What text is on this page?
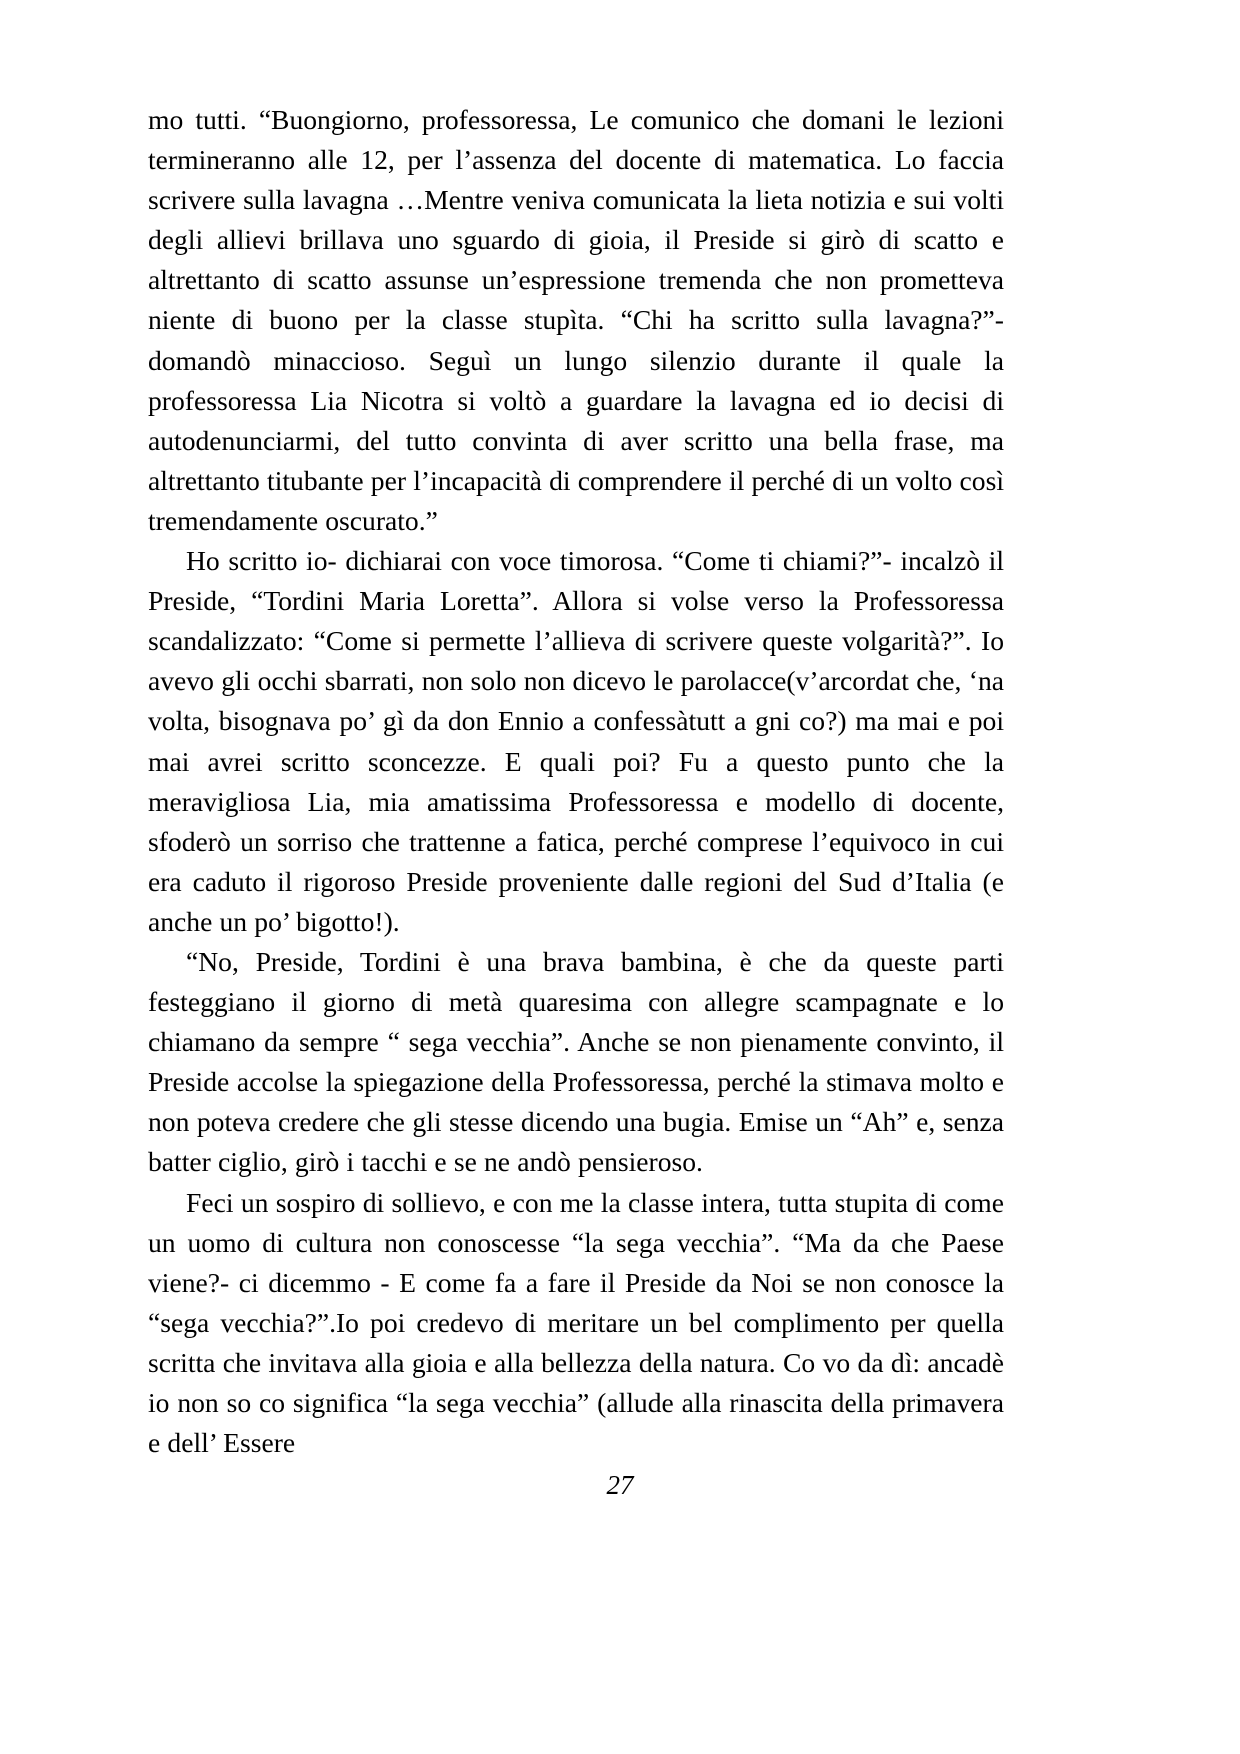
mo tutti. “Buongiorno, professoressa, Le comunico che domani le lezioni termineranno alle 12, per l’assenza del docente di matematica. Lo faccia scrivere sulla lavagna …Mentre veniva comunicata la lieta notizia e sui volti degli allievi brillava uno sguardo di gioia, il Preside si girò di scatto e altrettanto di scatto assunse un’espressione tremenda che non prometteva niente di buono per la classe stupìta. “Chi ha scritto sulla lavagna?”- domandò minaccioso. Seguì un lungo silenzio durante il quale la professoressa Lia Nicotra si voltò a guardare la lavagna ed io decisi di autodenunciarmi, del tutto convinta di aver scritto una bella frase, ma altrettanto titubante per l’incapacità di comprendere il perché di un volto così tremendamente oscurato.”

Ho scritto io- dichiarai con voce timorosa. “Come ti chiami?”- incalzò il Preside, “Tordini Maria Loretta”. Allora si volse verso la Professoressa scandalizzato: “Come si permette l’allieva di scrivere queste volgarità?”. Io avevo gli occhi sbarrati, non solo non dicevo le parolacce(v’arcordat che, ‘na volta, bisognava po’ gì da don Ennio a confessàtutt a gni co?) ma mai e poi mai avrei scritto sconcezze. E quali poi? Fu a questo punto che la meravigliosa Lia, mia amatissima Professoressa e modello di docente, sfoderò un sorriso che trattenne a fatica, perché comprese l’equivoco in cui era caduto il rigoroso Preside proveniente dalle regioni del Sud d’Italia (e anche un po’ bigotto!).

“No, Preside, Tordini è una brava bambina, è che da queste parti festeggiano il giorno di metà quaresima con allegre scampagnate e lo chiamano da sempre “ sega vecchia”. Anche se non pienamente convinto, il Preside accolse la spiegazione della Professoressa, perché la stimava molto e non poteva credere che gli stesse dicendo una bugia. Emise un “Ah” e, senza batter ciglio, girò i tacchi e se ne andò pensieroso.

Feci un sospiro di sollievo, e con me la classe intera, tutta stupita di come un uomo di cultura non conoscesse “la sega vecchia”. “Ma da che Paese viene?- ci dicemmo - E come fa a fare il Preside da Noi se non conosce la “sega vecchia?”.Io poi credevo di meritare un bel complimento per quella scritta che invitava alla gioia e alla bellezza della natura. Co vo da dì: ancadè io non so co significa “la sega vecchia” (allude alla rinascita della primavera e dell’ Essere

27
